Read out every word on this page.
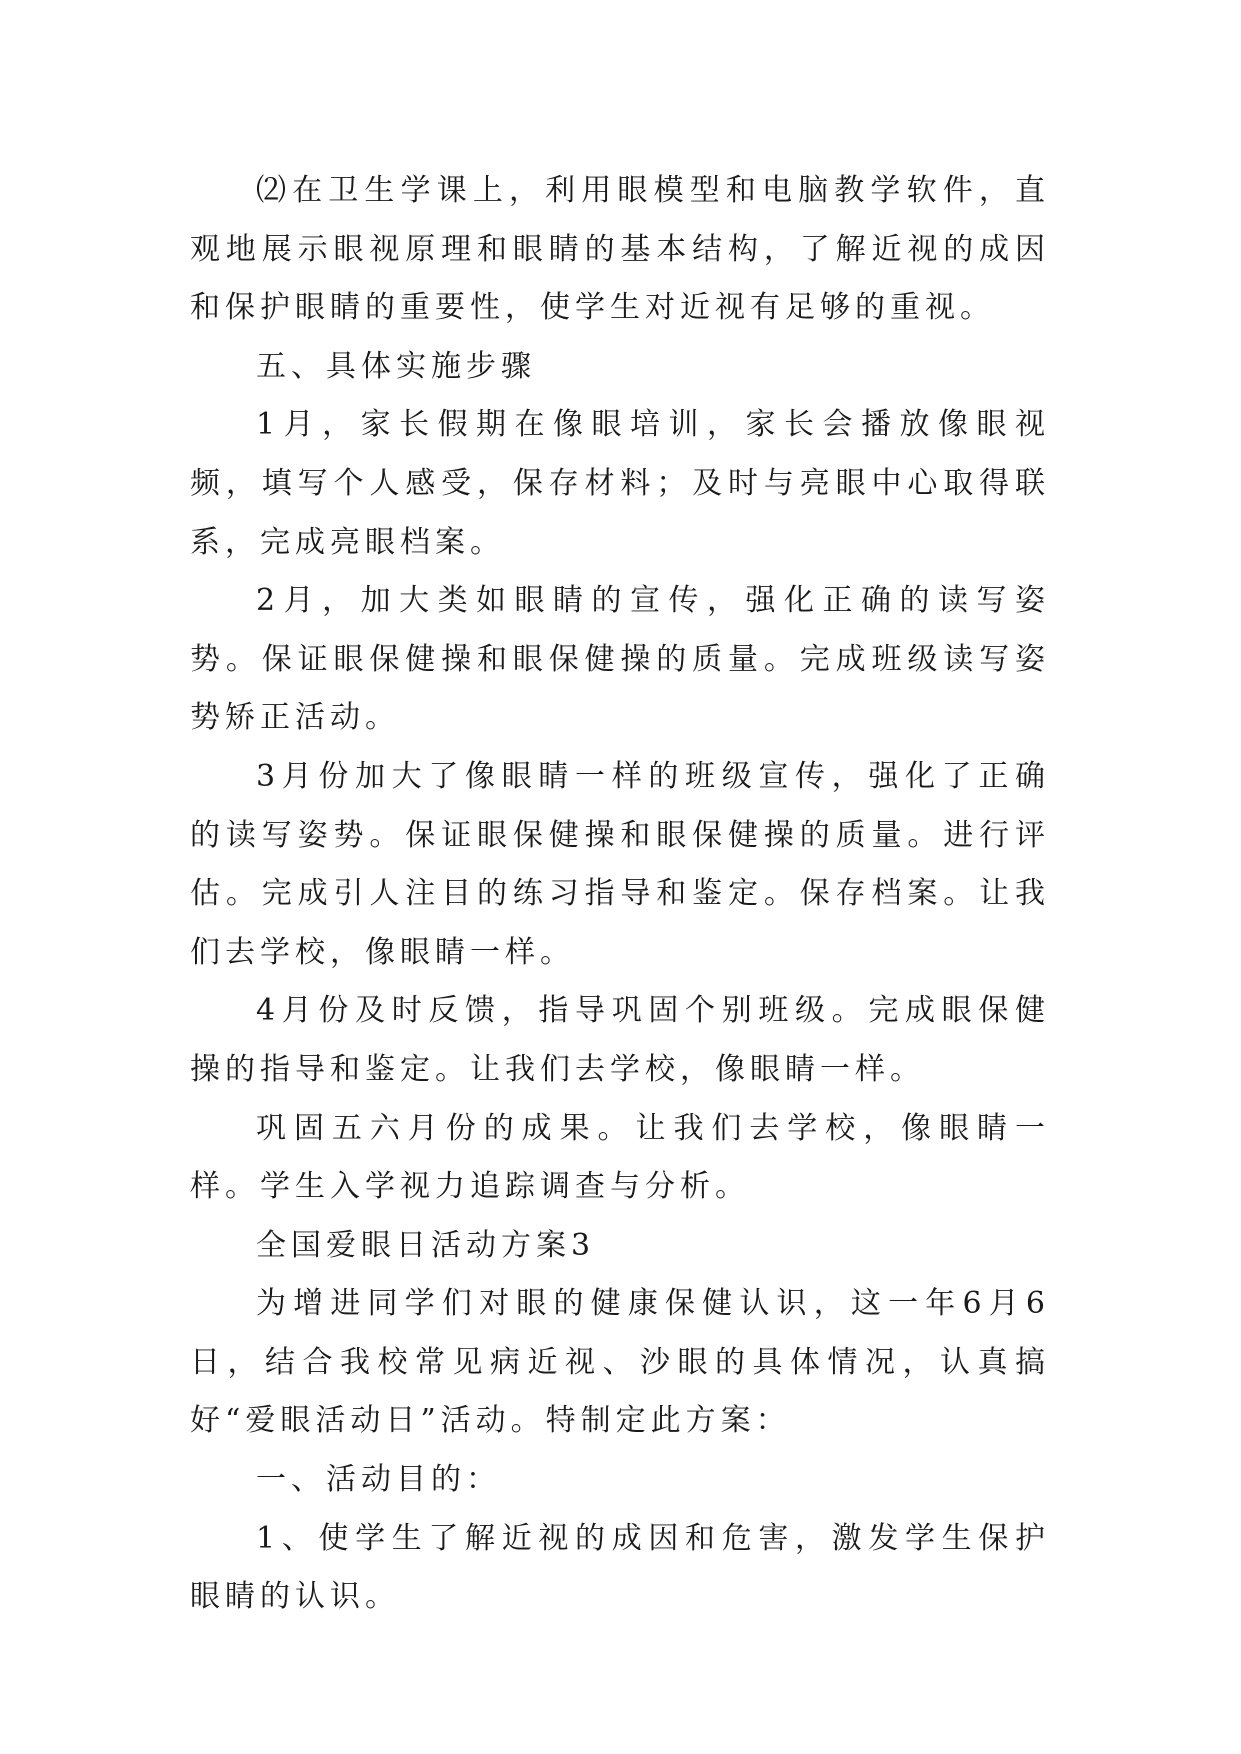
⑵在卫生学课上，利用眼模型和电脑教学软件，直观地展示眼视原理和眼睛的基本结构，了解近视的成因和保护眼睛的重要性，使学生对近视有足够的重视。

五、具体实施步骤

1月，家长假期在像眼培训，家长会播放像眼视频，填写个人感受，保存材料；及时与亮眼中心取得联系，完成亮眼档案。

2月，加大类如眼睛的宣传，强化正确的读写姿势。保证眼保健操和眼保健操的质量。完成班级读写姿势矫正活动。

3月份加大了像眼睛一样的班级宣传，强化了正确的读写姿势。保证眼保健操和眼保健操的质量。进行评估。完成引人注目的练习指导和鉴定。保存档案。让我们去学校，像眼睛一样。

4月份及时反馈，指导巩固个别班级。完成眼保健操的指导和鉴定。让我们去学校，像眼睛一样。

巩固五六月份的成果。让我们去学校，像眼睛一样。学生入学视力追踪调查与分析。

全国爱眼日活动方案3

为增进同学们对眼的健康保健认识，这一年6月6日，结合我校常见病近视、沙眼的具体情况，认真搞好“爱眼活动日”活动。特制定此方案：

一、活动目的：

1、使学生了解近视的成因和危害，激发学生保护眼睛的认识。
